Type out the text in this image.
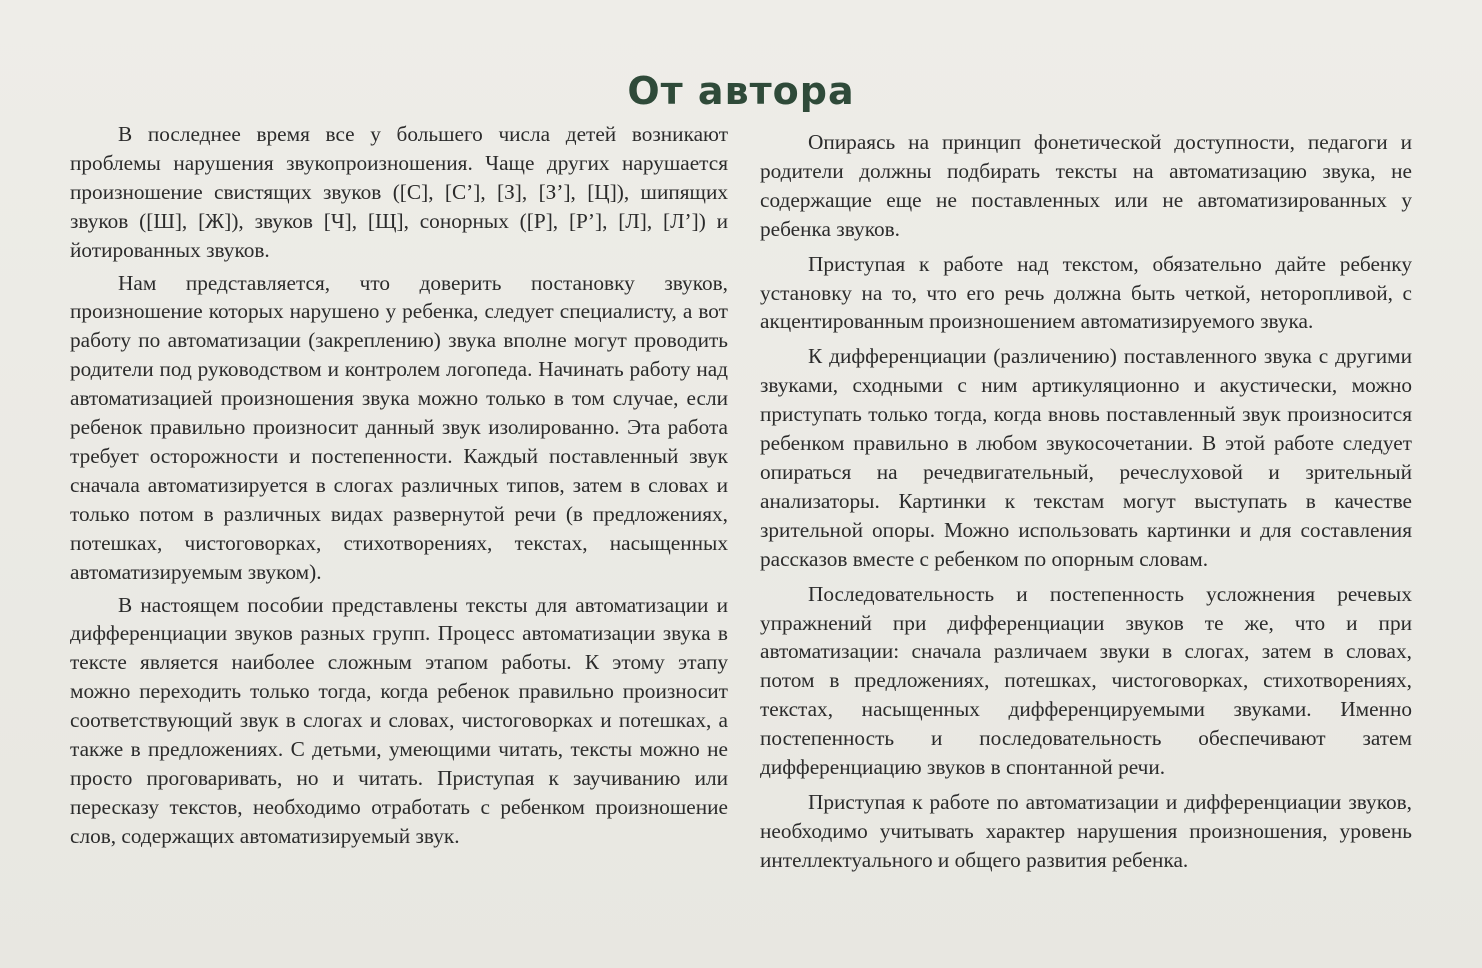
От автора

В последнее время все у большего числа детей возникают проблемы нарушения звукопроизношения. Чаще других нарушается произношение свистящих звуков ([С], [С’], [З], [З’], [Ц]), шипящих звуков ([Ш], [Ж]), звуков [Ч], [Щ], сонорных ([Р], [Р’], [Л], [Л’]) и йотированных звуков.

Нам представляется, что доверить постановку звуков, произношение которых нарушено у ребенка, следует специалисту, а вот работу по автоматизации (закреплению) звука вполне могут проводить родители под руководством и контролем логопеда. Начинать работу над автоматизацией произношения звука можно только в том случае, если ребенок правильно произносит данный звук изолированно. Эта работа требует осторожности и постепенности. Каждый поставленный звук сначала автоматизируется в слогах различных типов, затем в словах и только потом в различных видах развернутой речи (в предложениях, потешках, чистоговорках, стихотворениях, текстах, насыщенных автоматизируемым звуком).

В настоящем пособии представлены тексты для автоматизации и дифференциации звуков разных групп. Процесс автоматизации звука в тексте является наиболее сложным этапом работы. К этому этапу можно переходить только тогда, когда ребенок правильно произносит соответствующий звук в слогах и словах, чистоговорках и потешках, а также в предложениях. С детьми, умеющими читать, тексты можно не просто проговаривать, но и читать. Приступая к заучиванию или пересказу текстов, необходимо отработать с ребенком произношение слов, содержащих автоматизируемый звук.

Опираясь на принцип фонетической доступности, педагоги и родители должны подбирать тексты на автоматизацию звука, не содержащие еще не поставленных или не автоматизированных у ребенка звуков.

Приступая к работе над текстом, обязательно дайте ребенку установку на то, что его речь должна быть четкой, неторопливой, с акцентированным произношением автоматизируемого звука.

К дифференциации (различению) поставленного звука с другими звуками, сходными с ним артикуляционно и акустически, можно приступать только тогда, когда вновь поставленный звук произносится ребенком правильно в любом звукосочетании. В этой работе следует опираться на речедвигательный, речеслуховой и зрительный анализаторы. Картинки к текстам могут выступать в качестве зрительной опоры. Можно использовать картинки и для составления рассказов вместе с ребенком по опорным словам.

Последовательность и постепенность усложнения речевых упражнений при дифференциации звуков те же, что и при автоматизации: сначала различаем звуки в слогах, затем в словах, потом в предложениях, потешках, чистоговорках, стихотворениях, текстах, насыщенных дифференцируемыми звуками. Именно постепенность и последовательность обеспечивают затем дифференциацию звуков в спонтанной речи.

Приступая к работе по автоматизации и дифференциации звуков, необходимо учитывать характер нарушения произношения, уровень интеллектуального и общего развития ребенка.
